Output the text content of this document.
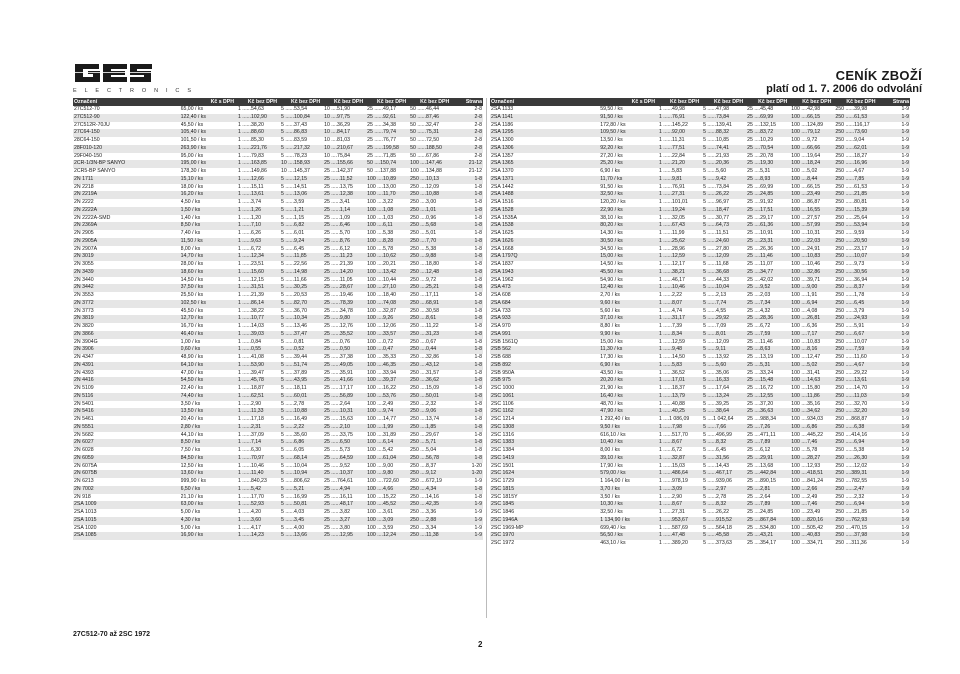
E L E C T R O N I C S
CENÍK ZBOŽÍ
platí od 1. 7. 2006 do odvolání
Označení	Kč s DPH	Kč bez DPH	Kč bez DPH	Kč bez DPH	Kč bez DPH	Kč bez DPH	Strana
27C512-70	65,00 / ks	1 ......54,63	5 ......53,54	10 ....51,90	25 ......49,17	50 ......46,44	2-8
27C512-90	122,40 / ks	1 ......102,90	5 ......100,84	10 ....97,75	25 ......92,61	50 ......87,46	2-8
27C512R-70JU	45,50 / ks	1 ......38,20	5 ......37,43	10 ....36,29	25 ......34,38	50 ......32,47	2-8
27C64-150	105,40 / ks	1 ......88,60	5 ......86,83	10 ....84,17	25 ......79,74	50 ......75,31	2-8
28C64-150	101,50 / ks	1 ......85,30	5 ......83,59	10 ....81,03	25 ......76,77	50 ......72,50	2-8
28F010-120	263,90 / ks	1 ......221,76	5 ......217,32	10 ....210,67	25 ......199,58	50 ......188,50	2-8
29F040-150	95,00 / ks	1 ......79,83	5 ......78,23	10 ....75,84	25 ......71,85	50 ......67,86	2-8
2CR-1/3N-BP SANYO	195,00 / ks	1 ......163,85	10 ....158,93	25 ....155,66	50 ....150,74	100 ....147,46	21-12
2CR5-BP SANYO	178,30 / ks	1 ......149,86	10 ....145,37	25 ....142,37	50 ....137,88	100 ....134,88	21-12
2N 1711	15,10 / ks	1 ......12,66	5 ......12,15	25 ......11,52	100 ....10,89	250 ....10,13	1-8
2N 2218	18,00 / ks	1 ......15,11	5 ......14,51	25 ......13,75	100 ....13,00	250 ....12,09	1-8
2N 2219A	16,20 / ks	1 ......13,61	5 ......13,06	25 ......12,38	100 ....11,70	250 ....10,88	1-8
2N 2222	4,50 / ks	1 ......3,74	5 ......3,59	25 ......3,41	100 ....3,22	250 ....3,00	1-8
2N 2222A	1,50 / ks	1 ......1,26	5 ......1,21	25 ......1,14	100 ....1,08	250 ....1,01	1-8
2N 2222A-SMD	1,40 / ks	1 ......1,20	5 ......1,15	25 ......1,09	100 ....1,03	250 ....0,96	1-8
2N 2369A	8,50 / ks	1 ......7,10	5 ......6,82	25 ......6,46	100 ....6,11	250 ....5,68	1-8
2N 2905	7,40 / ks	1 ......6,26	5 ......6,01	25 ......5,70	100 ....5,38	250 ....5,01	1-8
2N 2905A	11,50 / ks	1 ......9,63	5 ......9,24	25 ......8,76	100 ....8,28	250 ....7,70	1-8
2N 2907A	8,00 / ks	1 ......6,72	5 ......6,45	25 ......6,12	100 ....5,78	250 ....5,38	1-8
2N 3019	14,70 / ks	1 ......12,34	5 ......11,85	25 ......11,23	100 ....10,62	250 ....9,88	1-8
2N 3055	28,00 / ks	1 ......23,51	5 ......22,56	25 ......21,39	100 ....20,21	250 ....18,80	1-8
2N 3439	18,60 / ks	1 ......15,60	5 ......14,98	25 ......14,20	100 ....13,42	250 ....12,48	1-8
2N 3440	14,50 / ks	1 ......12,15	5 ......11,66	25 ......11,05	100 ....10,44	250 ....9,72	1-8
2N 3442	37,50 / ks	1 ......31,51	5 ......30,25	25 ......28,67	100 ....27,10	250 ....25,21	1-8
2N 3553	25,50 / ks	1 ......21,39	5 ......20,53	25 ......19,46	100 ....18,40	250 ....17,11	1-8
2N 3772	102,50 / ks	1 ......86,14	5 ......82,70	25 ......78,39	100 ....74,08	250 ....68,91	1-8
2N 3773	45,50 / ks	1 ......38,22	5 ......36,70	25 ......34,78	100 ....32,87	250 ....30,58	1-8
2N 3819	12,70 / ks	1 ......10,77	5 ......10,34	25 ......9,80	100 ....9,26	250 ....8,61	1-8
2N 3820	16,70 / ks	1 ......14,03	5 ......13,46	25 ......12,76	100 ....12,06	250 ....11,22	1-8
2N 3866	46,40 / ks	1 ......39,03	5 ......37,47	25 ......35,52	100 ....33,57	250 ....31,23	1-8
2N 3904G	1,00 / ks	1 ......0,84	5 ......0,81	25 ......0,76	100 ....0,72	250 ....0,67	1-8
2N 3906	0,60 / ks	1 ......0,55	5 ......0,52	25 ......0,50	100 ....0,47	250 ....0,44	1-8
2N 4347	48,90 / ks	1 ......41,08	5 ......39,44	25 ......37,38	100 ....35,33	250 ....32,86	1-8
2N 4391	64,10 / ks	1 ......53,90	5 ......51,74	25 ......49,05	100 ....46,35	250 ....43,12	1-8
2N 4393	47,00 / ks	1 ......39,47	5 ......37,89	25 ......35,91	100 ....33,94	250 ....31,57	1-8
2N 4416	54,50 / ks	1 ......45,78	5 ......43,95	25 ......41,66	100 ....39,37	250 ....36,62	1-8
2N 5109	22,40 / ks	1 ......18,87	5 ......18,11	25 ......17,17	100 ....16,22	250 ....15,09	1-8
2N 5116	74,40 / ks	1 ......62,51	5 ......60,01	25 ......56,89	100 ....53,76	250 ....50,01	1-8
2N 5401	3,50 / ks	1 ......2,90	5 ......2,78	25 ......2,64	100 ....2,49	250 ....2,32	1-8
2N 5416	13,50 / ks	1 ......11,33	5 ......10,88	25 ......10,31	100 ....9,74	250 ....9,06	1-8
2N 5461	20,40 / ks	1 ......17,18	5 ......16,49	25 ......15,63	100 ....14,77	250 ....13,74	1-8
2N 5551	2,80 / ks	1 ......2,31	5 ......2,22	25 ......2,10	100 ....1,99	250 ....1,85	1-8
2N 5682	44,10 / ks	1 ......37,09	5 ......35,60	25 ......33,75	100 ....31,89	250 ....29,67	1-8
2N 6027	8,50 / ks	1 ......7,14	5 ......6,86	25 ......6,50	100 ....6,14	250 ....5,71	1-8
2N 6028	7,50 / ks	1 ......6,30	5 ......6,05	25 ......5,73	100 ....5,42	250 ....5,04	1-8
2N 6059	84,50 / ks	1 ......70,97	5 ......68,14	25 ......64,59	100 ....61,04	250 ....56,78	1-8
2N 6075A	12,50 / ks	1 ......10,46	5 ......10,04	25 ......9,52	100 ....9,00	250 ....8,37	1-20
2N 6075B	13,60 / ks	1 ......11,40	5 ......10,94	25 ......10,37	100 ....9,80	250 ....9,12	1-20
2N 6213	999,90 / ks	1 ......840,23	5 ......806,62	25 ....764,61	100 ....722,60	250 ....672,19	1-9
2N 7002	6,50 / ks	1 ......5,42	5 ......5,21	25 ......4,94	100 ....4,66	250 ....4,34	1-8
2N 918	21,10 / ks	1 ......17,70	5 ......16,99	25 ......16,11	100 ....15,22	250 ....14,16	1-8
2SA 1009	63,00 / ks	1 ......52,93	5 ......50,81	25 ......48,17	100 ....45,52	250 ....42,35	1-9
2SA 1013	5,00 / ks	1 ......4,20	5 ......4,03	25 ......3,82	100 ....3,61	250 ....3,36	1-9
2SA 1015	4,30 / ks	1 ......3,60	5 ......3,45	25 ......3,27	100 ....3,09	250 ....2,88	1-9
2SA 1020	5,00 / ks	1 ......4,17	5 ......4,00	25 ......3,80	100 ....3,59	250 ....3,34	1-9
2SA 1085	16,90 / ks	1 ......14,23	5 ......13,66	25 ......12,95	100 ....12,24	250 ....11,38	1-9
Označení	Kč s DPH	Kč bez DPH	Kč bez DPH	Kč bez DPH	Kč bez DPH	Kč bez DPH	Strana
2SA 1133	59,50 / ks	1 ......49,98	5 ......47,98	25 ....45,48	100 ....42,98	250 ......39,98	1-9
2SA 1141	91,50 / ks	1 ......76,91	5 ......73,84	25 ....69,99	100 ....66,15	250 ......61,53	1-9
2SA 1186	172,80 / ks	1 ......145,22	5 ......139,41	25 ....132,15	100 ....124,89	250 ......116,17	1-9
2SA 1295	109,50 / ks	1 ......92,00	5 ......88,32	25 ....83,72	100 ....79,12	250 ......73,60	1-9
2SA 1300	13,50 / ks	1 ......11,31	5 ......10,85	25 ....10,29	100 ....9,72	250 ......9,04	1-9
2SA 1306	92,20 / ks	1 ......77,51	5 ......74,41	25 ....70,54	100 ....66,66	250 ......62,01	1-9
2SA 1357	27,20 / ks	1 ......22,84	5 ......21,93	25 ....20,78	100 ....19,64	250 ......18,27	1-9
2SA 1365	25,20 / ks	1 ......21,20	5 ......20,36	25 ....19,30	100 ....18,24	250 ......16,96	1-9
2SA 1370	6,90 / ks	1 ......5,83	5 ......5,60	25 ....5,31	100 ....5,02	250 ......4,67	1-9
2SA 1371	11,70 / ks	1 ......9,81	5 ......9,42	25 ....8,93	100 ....8,44	250 ......7,85	1-9
2SA 1442	91,50 / ks	1 ......76,91	5 ......73,84	25 ....69,99	100 ....66,15	250 ......61,53	1-9
2SA 1488	32,50 / ks	1 ......27,31	5 ......26,22	25 ....24,85	100 ....23,49	250 ......21,85	1-9
2SA 1516	120,20 / ks	1 ......101,01	5 ......96,97	25 ....91,92	100 ....86,87	250 ......80,81	1-9
2SA 1528	22,90 / ks	1 ......19,24	5 ......18,47	25 ....17,51	100 ....16,55	250 ......15,39	1-9
2SA 1535A	38,10 / ks	1 ......32,05	5 ......30,77	25 ....29,17	100 ....27,57	250 ......25,64	1-9
2SA 1538	80,20 / ks	1 ......67,43	5 ......64,73	25 ....61,36	100 ....57,99	250 ......53,94	1-9
2SA 1625	14,30 / ks	1 ......11,99	5 ......11,51	25 ....10,91	100 ....10,31	250 ......9,59	1-9
2SA 1626	30,50 / ks	1 ......25,62	5 ......24,60	25 ....23,31	100 ....22,03	250 ......20,50	1-9
2SA 1668	34,50 / ks	1 ......28,96	5 ......27,80	25 ....26,36	100 ....24,91	250 ......23,17	1-9
2SA 1797Q	15,00 / ks	1 ......12,59	5 ......12,09	25 ....11,46	100 ....10,83	250 ......10,07	1-9
2SA 1837	14,50 / ks	1 ......12,17	5 ......11,68	25 ....11,07	100 ....10,46	250 ......9,73	1-9
2SA 1943	45,50 / ks	1 ......38,21	5 ......36,68	25 ....34,77	100 ....32,86	250 ......30,56	1-9
2SA 1962	54,90 / ks	1 ......46,17	5 ......44,33	25 ....42,02	100 ....39,71	250 ......36,94	1-9
2SA 473	12,40 / ks	1 ......10,46	5 ......10,04	25 ....9,52	100 ....9,00	250 ......8,37	1-9
2SA 608	2,70 / ks	1 ......2,22	5 ......2,13	25 ....2,03	100 ....1,91	250 ......1,78	1-9
2SA 684	9,60 / ks	1 ......8,07	5 ......7,74	25 ....7,34	100 ....6,94	250 ......6,45	1-9
2SA 733	5,60 / ks	1 ......4,74	5 ......4,55	25 ....4,32	100 ....4,08	250 ......3,79	1-9
2SA 933	37,10 / ks	1 ......31,17	5 ......29,92	25 ....28,36	100 ....26,81	250 ......24,93	1-9
2SA 970	8,80 / ks	1 ......7,39	5 ......7,09	25 ....6,72	100 ....6,36	250 ......5,91	1-9
2SA 991	9,90 / ks	1 ......8,34	5 ......8,01	25 ....7,59	100 ....7,17	250 ......6,67	1-9
2SB 1561Q	15,00 / ks	1 ......12,59	5 ......12,09	25 ....11,46	100 ....10,83	250 ......10,07	1-9
2SB 562	11,30 / ks	1 ......9,48	5 ......9,11	25 ....8,63	100 ....8,16	250 ......7,59	1-9
2SB 688	17,30 / ks	1 ......14,50	5 ......13,92	25 ....13,19	100 ....12,47	250 ......11,60	1-9
2SB 892	6,90 / ks	1 ......5,83	5 ......5,60	25 ....5,31	100 ....5,02	250 ......4,67	1-9
2SB 950A	43,50 / ks	1 ......36,52	5 ......35,06	25 ....33,24	100 ....31,41	250 ......29,22	1-9
2SB 975	20,20 / ks	1 ......17,01	5 ......16,33	25 ....15,48	100 ....14,63	250 ......13,61	1-9
2SC 1000	21,90 / ks	1 ......18,37	5 ......17,64	25 ....16,72	100 ....15,80	250 ......14,70	1-9
2SC 1061	16,40 / ks	1 ......13,79	5 ......13,24	25 ....12,55	100 ....11,86	250 ......11,03	1-9
2SC 1106	48,70 / ks	1 ......40,88	5 ......39,25	25 ....37,20	100 ....35,16	250 ......32,70	1-9
2SC 1162	47,90 / ks	1 ......40,25	5 ......38,64	25 ....36,63	100 ....34,62	250 ......32,20	1-9
2SC 1214	1 292,40 / ks	1 ....1 086,09	5 ....1 042,64	25 ....988,34	100 ....934,03	250 ....868,87	1-9
2SC 1308	9,50 / ks	1 ......7,98	5 ......7,66	25 ....7,26	100 ....6,86	250 ......6,38	1-9
2SC 1316	616,10 / ks	1 ......517,70	5 ......496,99	25 ....471,11	100 ....445,22	250 ....414,16	1-9
2SC 1383	10,40 / ks	1 ......8,67	5 ......8,32	25 ....7,89	100 ....7,46	250 ......6,94	1-9
2SC 1384	8,00 / ks	1 ......6,72	5 ......6,45	25 ....6,12	100 ....5,78	250 ......5,38	1-9
2SC 1419	39,10 / ks	1 ......32,87	5 ......31,56	25 ....29,91	100 ....28,27	250 ......26,30	1-9
2SC 1501	17,90 / ks	1 ......15,03	5 ......14,43	25 ....13,68	100 ....12,93	250 ......12,02	1-9
2SC 1624	579,00 / ks	1 ......486,64	5 ......467,17	25 ....442,84	100 ....418,51	250 ....389,31	1-9
2SC 1729	1 164,00 / ks	1 ......978,19	5 ......939,06	25 ....890,15	100 ....841,24	250 ....782,55	1-9
2SC 1815	3,70 / ks	1 ......3,09	5 ......2,97	25 ....2,81	100 ....2,66	250 ......2,47	1-9
2SC 1815Y	3,50 / ks	1 ......2,90	5 ......2,78	25 ....2,64	100 ....2,49	250 ......2,32	1-9
2SC 1845	10,30 / ks	1 ......8,67	5 ......8,32	25 ....7,89	100 ....7,46	250 ......6,94	1-9
2SC 1846	32,50 / ks	1 ......27,31	5 ......26,22	25 ....24,85	100 ....23,49	250 ......21,85	1-9
2SC 1946A	1 134,90 / ks	1 ......953,67	5 ......915,52	25 ....867,84	100 ....820,16	250 ....762,93	1-9
2SC 1969-MP	699,40 / ks	1 ......587,69	5 ......564,18	25 ....534,80	100 ....505,42	250 ....470,15	1-9
2SC 1970	56,50 / ks	1 ......47,48	5 ......45,58	25 ....43,21	100 ....40,83	250 ......37,98	1-9
2SC 1972	463,10 / ks	1 ......389,20	5 ......373,63	25 ....354,17	100 ....334,71	250 ....311,36	1-9
27C512-70 až 2SC 1972
2
